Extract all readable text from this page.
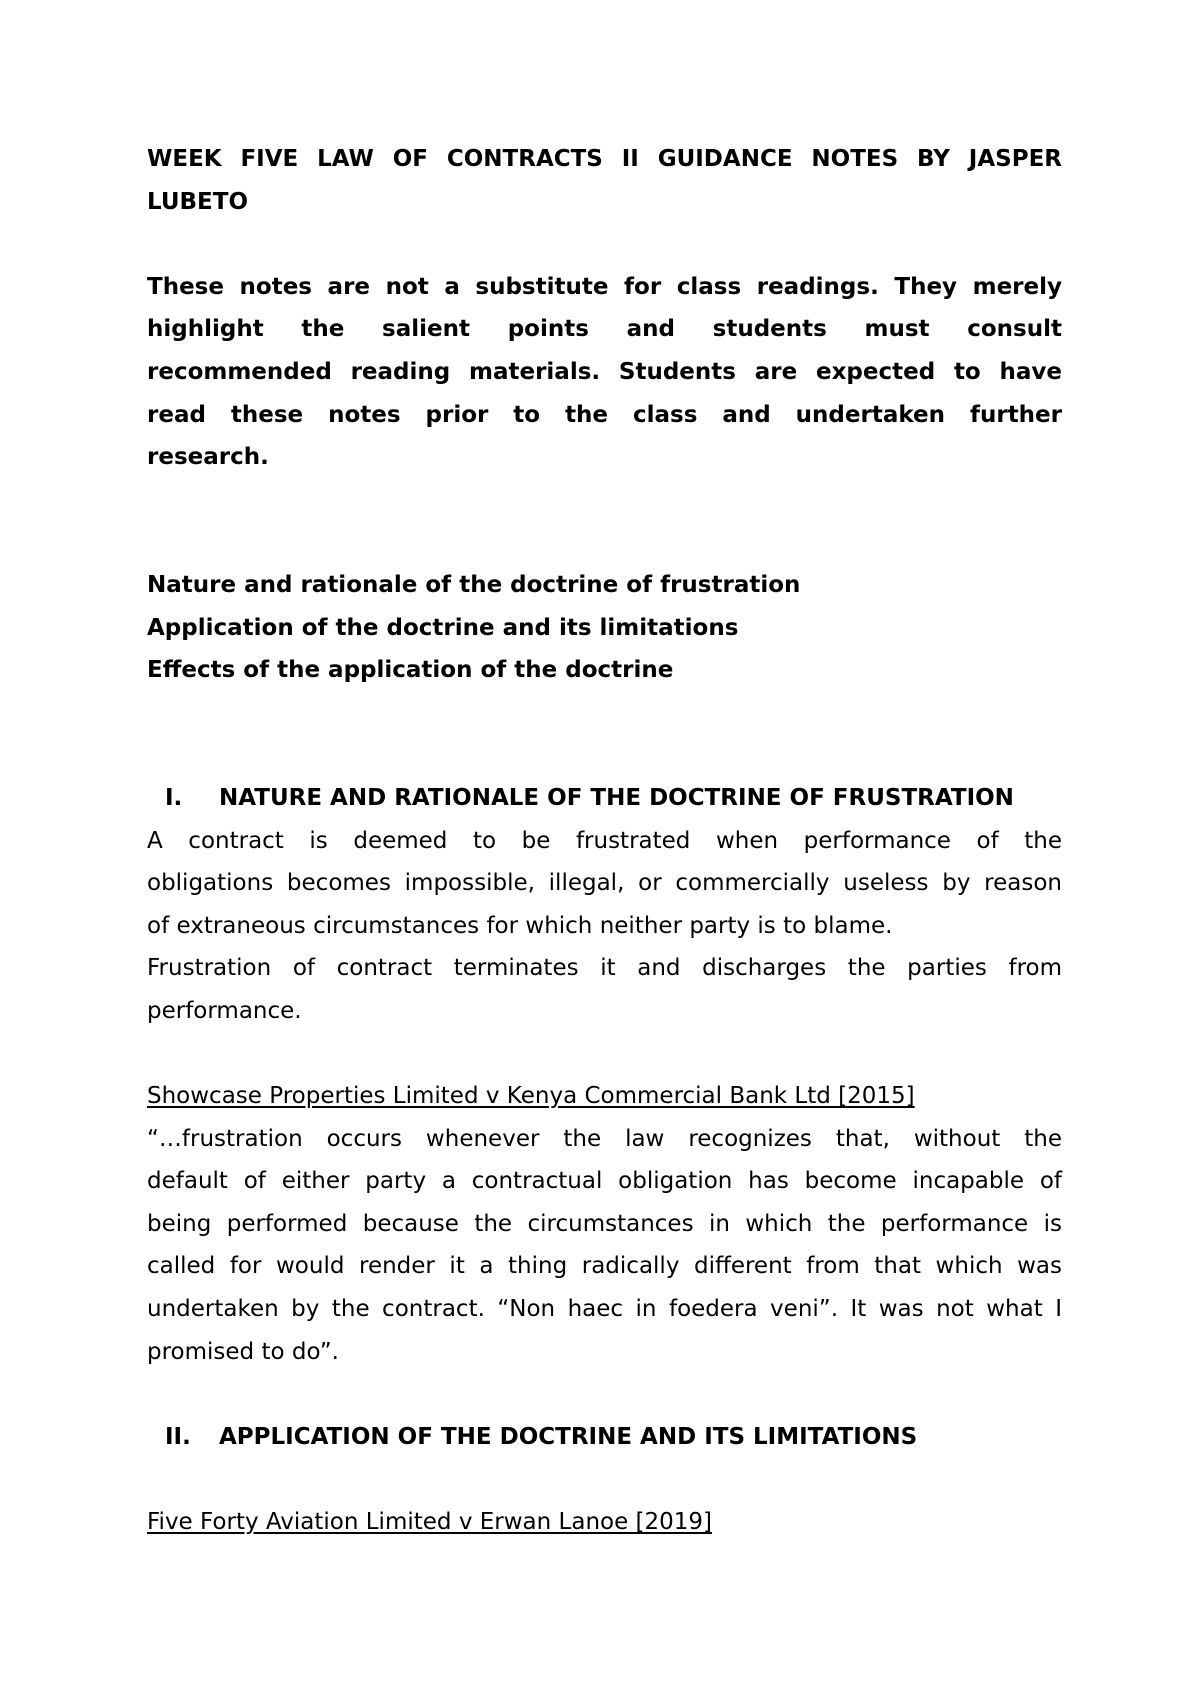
WEEK FIVE LAW OF CONTRACTS II GUIDANCE NOTES BY JASPER
LUBETO
These notes are not a substitute for class readings. They merely
highlight the salient points and students must consult
recommended reading materials. Students are expected to have
read these notes prior to the class and undertaken further
research.
Nature and rationale of the doctrine of frustration
Application of the doctrine and its limitations
Effects of the application of the doctrine
I.	NATURE AND RATIONALE OF THE DOCTRINE OF FRUSTRATION
A contract is deemed to be frustrated when performance of the
obligations becomes impossible, illegal, or commercially useless by reason
of extraneous circumstances for which neither party is to blame.
Frustration of contract terminates it and discharges the parties from
performance.
Showcase Properties Limited v Kenya Commercial Bank Ltd [2015]
“…frustration occurs whenever the law recognizes that, without the
default of either party a contractual obligation has become incapable of
being performed because the circumstances in which the performance is
called for would render it a thing radically different from that which was
undertaken by the contract. “Non haec in foedera veni”. It was not what I
promised to do”.
II.	APPLICATION OF THE DOCTRINE AND ITS LIMITATIONS
Five Forty Aviation Limited v Erwan Lanoe [2019]
